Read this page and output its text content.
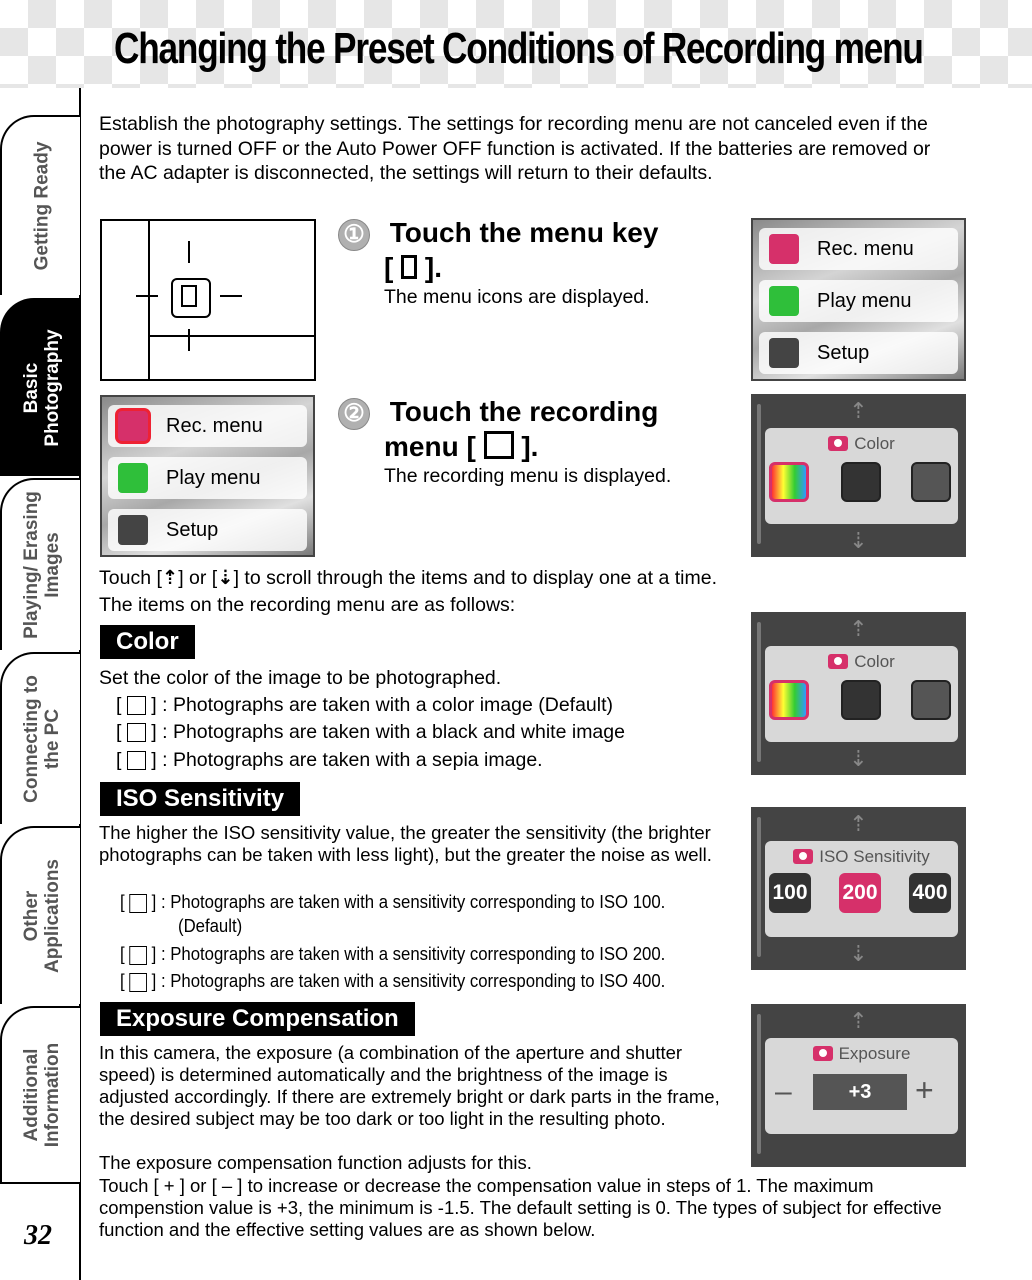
Changing the Preset Conditions of Recording menu
Getting Ready
Basic Photography
Playing/ Erasing Images
Connecting to the PC
Other Applications
Additional Information
32
Establish the photography settings. The settings for recording menu are not canceled even if the power is turned OFF or the Auto Power OFF function is activated. If the batteries are removed or the AC adapter is disconnected, the settings will return to their defaults.
① Touch the menu key
[ ].
The menu icons are displayed.
Rec. menu
Play menu
Setup
Rec. menu
Play menu
Setup
② Touch the recording
menu [ ].
The recording menu is displayed.
⇡
Color
⇣
Touch [⇡] or [⇣] to scroll through the items and to display one at a time.
The items on the recording menu are as follows:
Color
Set the color of the image to be photographed.
[  ] : Photographs are taken with a color image (Default)
[  ] : Photographs are taken with a black and white image
[  ] : Photographs are taken with a sepia image.
⇡
Color
⇣
ISO Sensitivity
The higher the ISO sensitivity value, the greater the sensitivity (the brighter photographs can be taken with less light), but the greater the noise as well.
[  ] : Photographs are taken with a sensitivity corresponding to ISO 100.
(Default)
[  ] : Photographs are taken with a sensitivity corresponding to ISO 200.
[  ] : Photographs are taken with a sensitivity corresponding to ISO 400.
⇡
ISO Sensitivity
100 200 400
⇣
Exposure Compensation
In this camera, the exposure (a combination of the aperture and shutter speed) is determined automatically and the brightness of the image is adjusted accordingly. If there are extremely bright or dark parts in the frame, the desired subject may be too dark or too light in the resulting photo.
The exposure compensation function adjusts for this.
Touch [ + ] or [ – ] to increase or decrease the compensation value in steps of 1. The maximum compenstion value is +3, the minimum is -1.5. The default setting is 0. The types of subject for effective function and the effective setting values are as shown below.
⇡
Exposure
–	+3	+
